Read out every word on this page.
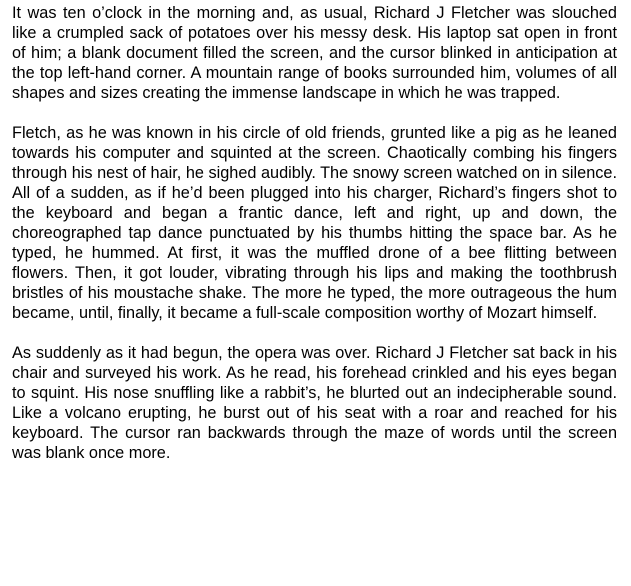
It was ten o’clock in the morning and, as usual, Richard J Fletcher was slouched like a crumpled sack of potatoes over his messy desk. His laptop sat open in front of him; a blank document filled the screen, and the cursor blinked in anticipation at the top left-hand corner. A mountain range of books surrounded him, volumes of all shapes and sizes creating the immense landscape in which he was trapped.

Fletch, as he was known in his circle of old friends, grunted like a pig as he leaned towards his computer and squinted at the screen. Chaotically combing his fingers through his nest of hair, he sighed audibly. The snowy screen watched on in silence. All of a sudden, as if he’d been plugged into his charger, Richard’s fingers shot to the keyboard and began a frantic dance, left and right, up and down, the choreographed tap dance punctuated by his thumbs hitting the space bar. As he typed, he hummed. At first, it was the muffled drone of a bee flitting between flowers. Then, it got louder, vibrating through his lips and making the toothbrush bristles of his moustache shake. The more he typed, the more outrageous the hum became, until, finally, it became a full-scale composition worthy of Mozart himself.

As suddenly as it had begun, the opera was over. Richard J Fletcher sat back in his chair and surveyed his work. As he read, his forehead crinkled and his eyes began to squint. His nose snuffling like a rabbit’s, he blurted out an indecipherable sound. Like a volcano erupting, he burst out of his seat with a roar and reached for his keyboard. The cursor ran backwards through the maze of words until the screen was blank once more.
